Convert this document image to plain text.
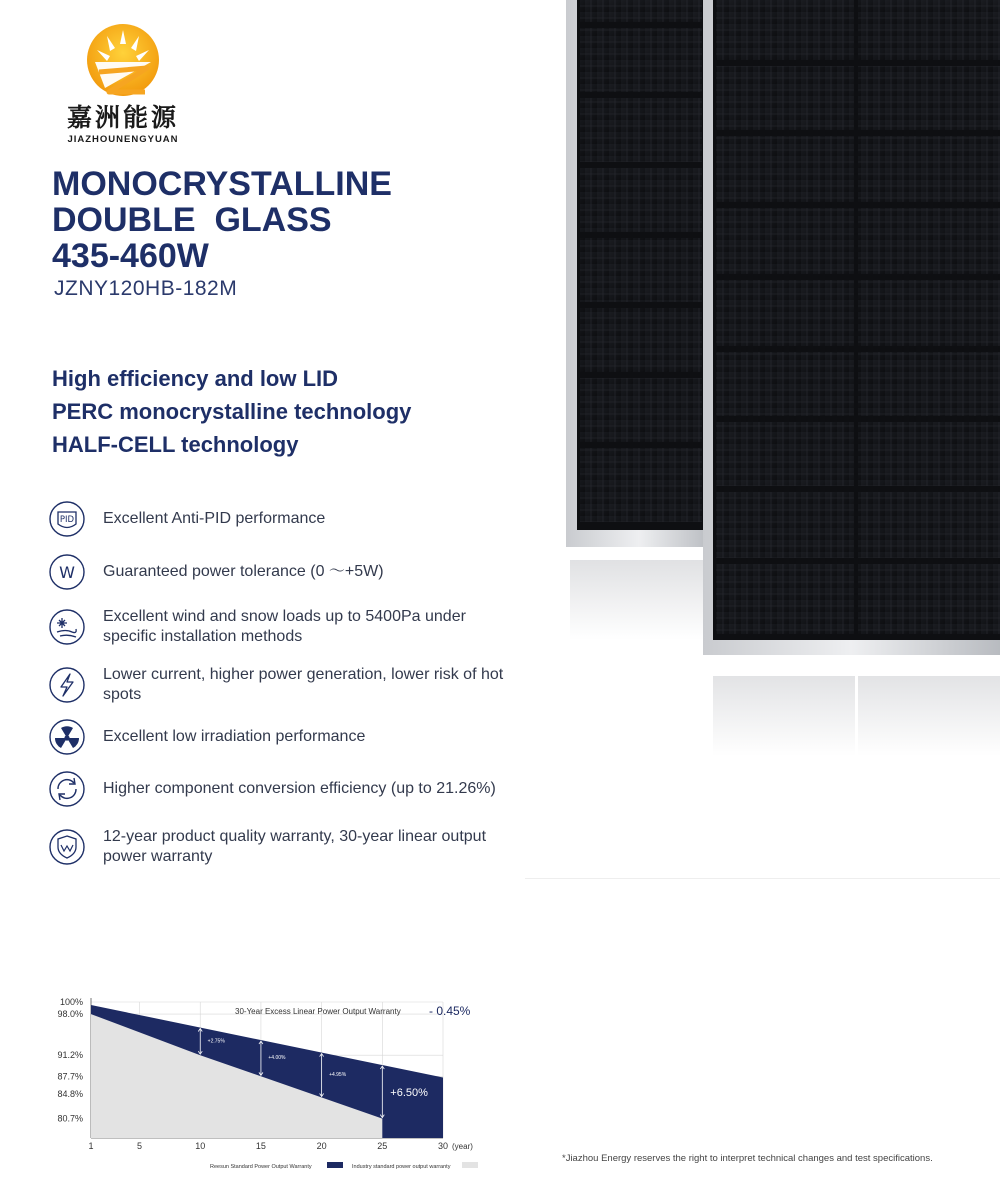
嘉洲能源
JIAZHOUNENGYUAN
MONOCRYSTALLINE
DOUBLE  GLASS
435-460W
JZNY120HB-182M
High efficiency and low LID
PERC monocrystalline technology
HALF-CELL technology
PID Excellent Anti-PID performance
W Guaranteed power tolerance (0 ～+5W)
Excellent wind and snow loads up to 5400Pa under specific installation methods
Lower current, higher power generation, lower risk of hot spots
Excellent low irradiation performance
Higher component conversion efficiency (up to 21.26%)
12-year product quality warranty, 30-year linear output power warranty
+2.75%
+4.00%
+4.95%
+6.50%
100%
98.0%
91.2%
87.7%
84.8%
80.7%
1	5	10	15	20	25	30
30-Year Excess Linear Power Output Warranty - 0.45%
(year)
Reesun Standard Power Output Warranty	Industry standard power output warranty
*Jiazhou Energy reserves the right to interpret technical changes and test specifications.
